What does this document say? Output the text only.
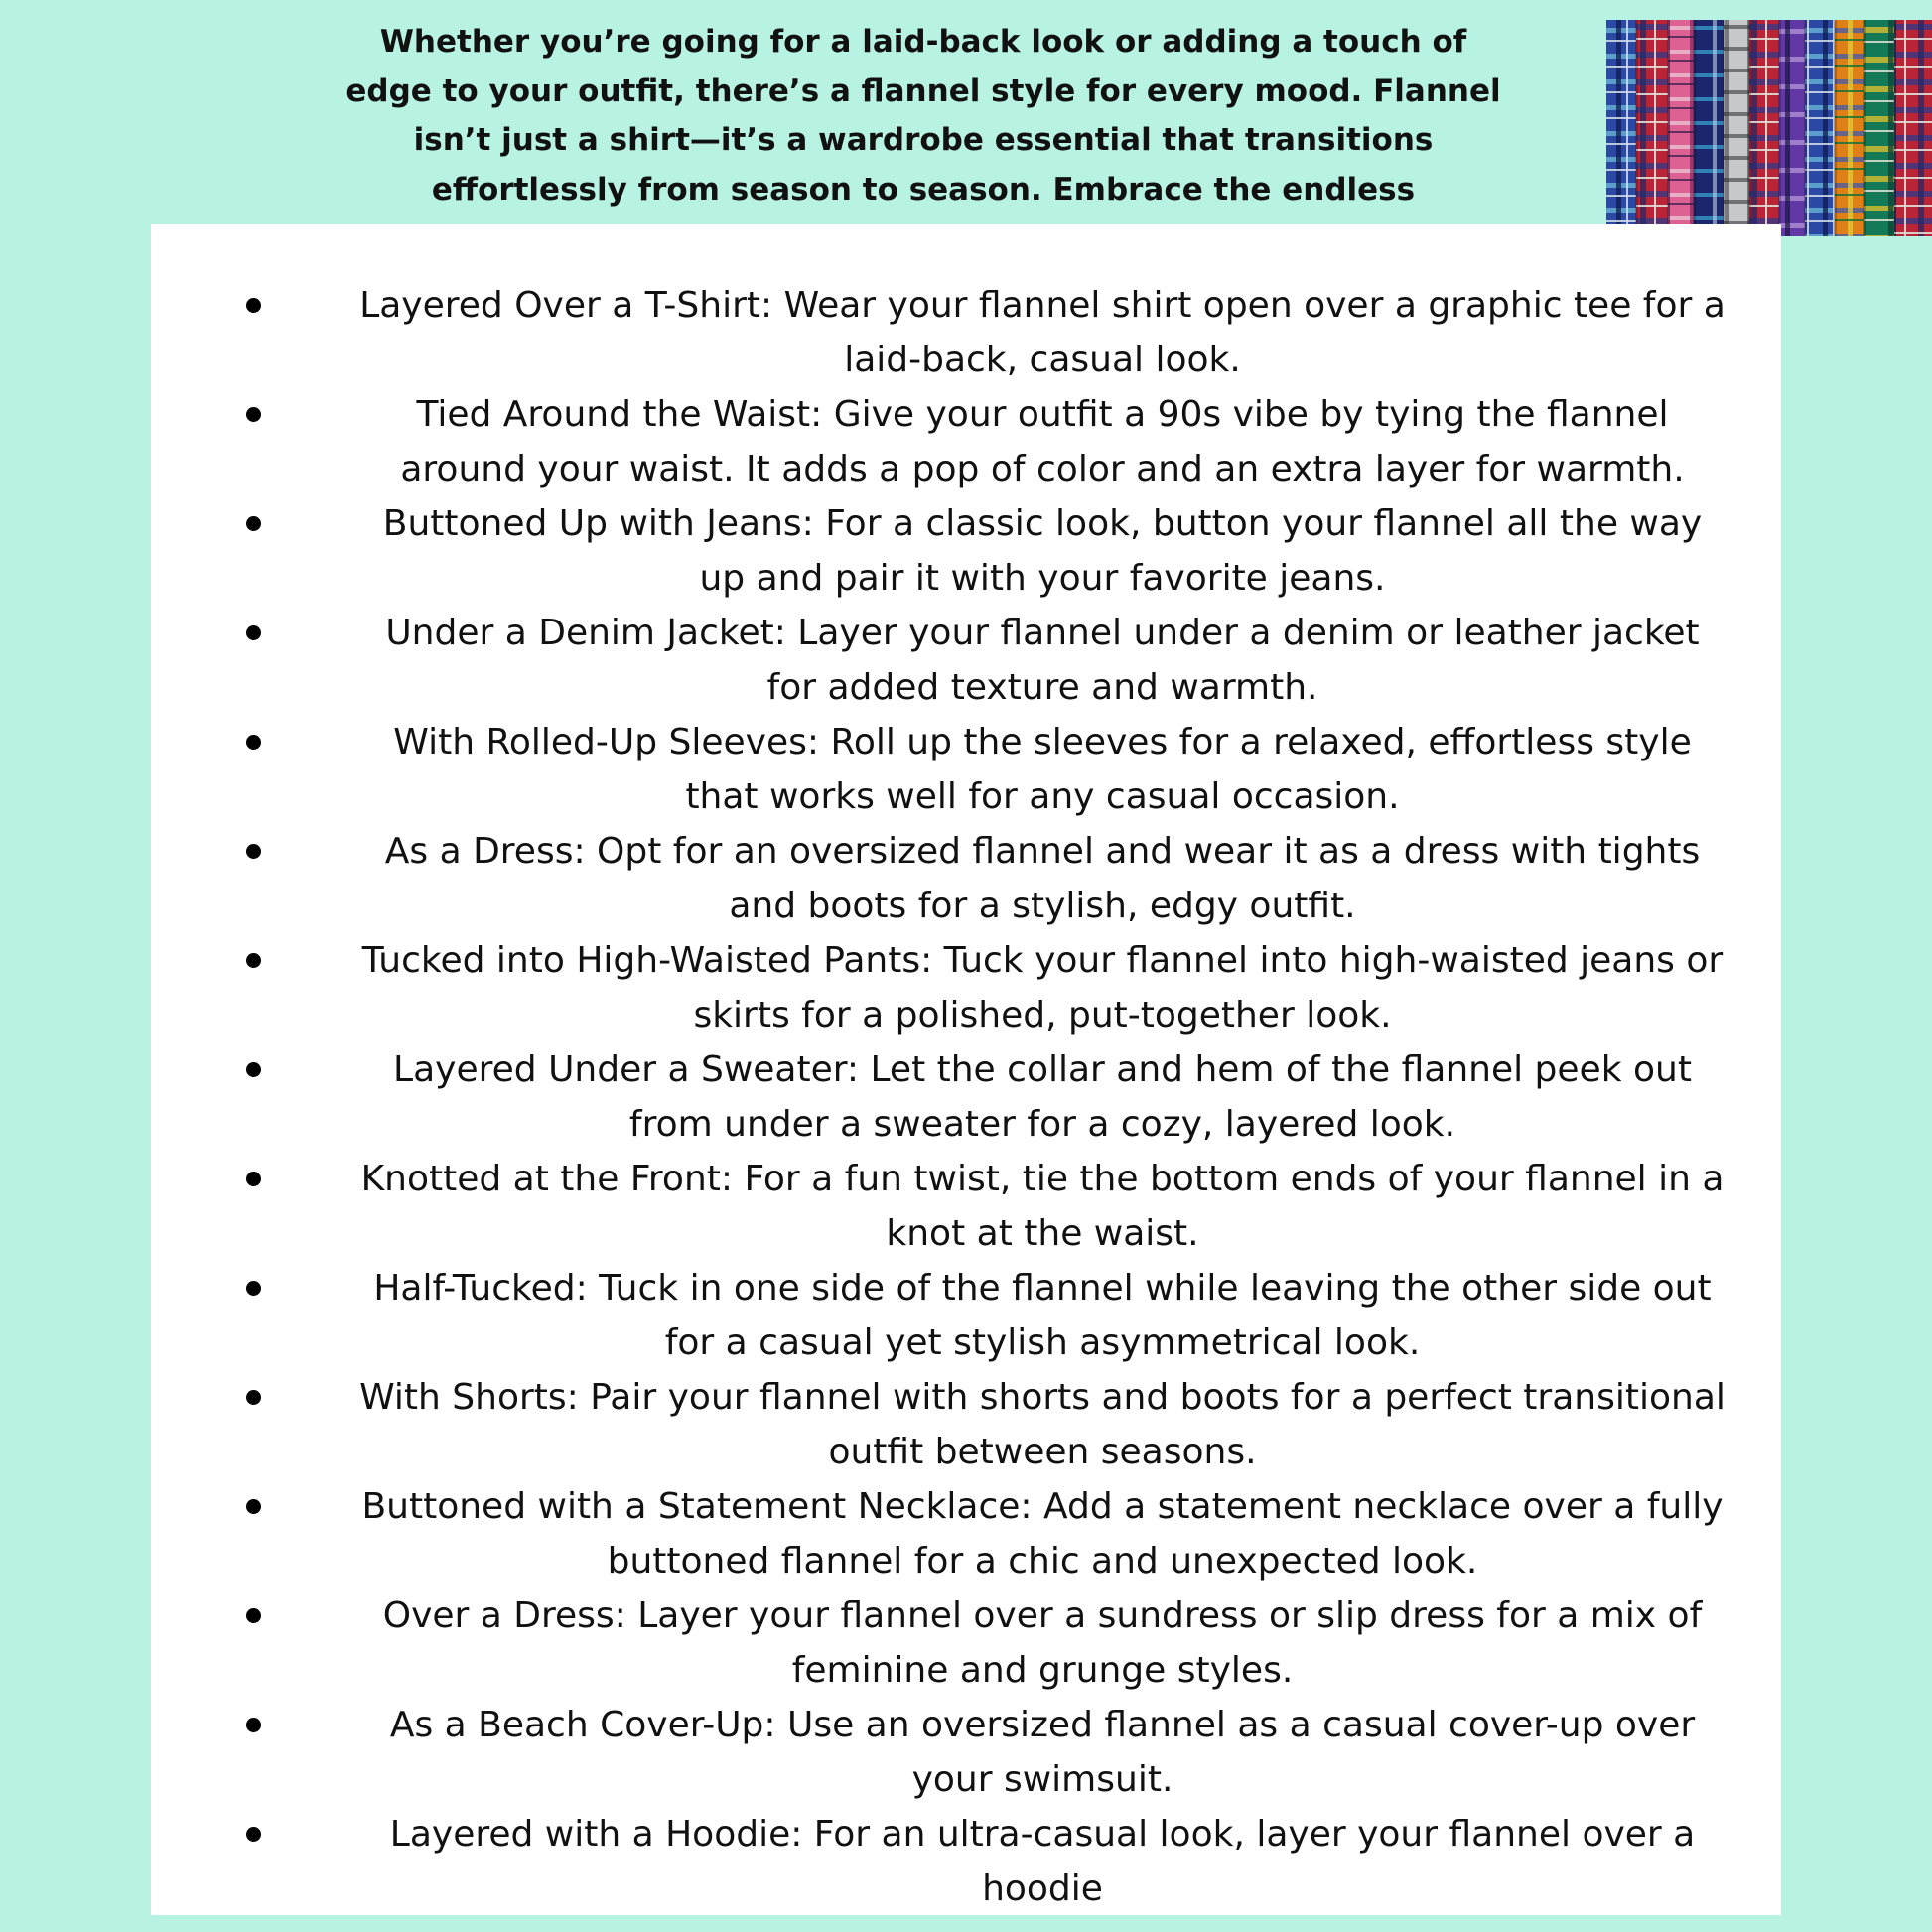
Whether you’re going for a laid-back look or adding a touch of edge to your outfit, there’s a flannel style for every mood. Flannel isn’t just a shirt—it’s a wardrobe essential that transitions effortlessly from season to season. Embrace the endless
Layered Over a T-Shirt: Wear your flannel shirt open over a graphic tee for a laid-back, casual look.
Tied Around the Waist: Give your outfit a 90s vibe by tying the flannel around your waist. It adds a pop of color and an extra layer for warmth.
Buttoned Up with Jeans: For a classic look, button your flannel all the way up and pair it with your favorite jeans.
Under a Denim Jacket: Layer your flannel under a denim or leather jacket for added texture and warmth.
With Rolled-Up Sleeves: Roll up the sleeves for a relaxed, effortless style that works well for any casual occasion.
As a Dress: Opt for an oversized flannel and wear it as a dress with tights and boots for a stylish, edgy outfit.
Tucked into High-Waisted Pants: Tuck your flannel into high-waisted jeans or skirts for a polished, put-together look.
Layered Under a Sweater: Let the collar and hem of the flannel peek out from under a sweater for a cozy, layered look.
Knotted at the Front: For a fun twist, tie the bottom ends of your flannel in a knot at the waist.
Half-Tucked: Tuck in one side of the flannel while leaving the other side out for a casual yet stylish asymmetrical look.
With Shorts: Pair your flannel with shorts and boots for a perfect transitional outfit between seasons.
Buttoned with a Statement Necklace: Add a statement necklace over a fully buttoned flannel for a chic and unexpected look.
Over a Dress: Layer your flannel over a sundress or slip dress for a mix of feminine and grunge styles.
As a Beach Cover-Up: Use an oversized flannel as a casual cover-up over your swimsuit.
Layered with a Hoodie: For an ultra-casual look, layer your flannel over a hoodie
